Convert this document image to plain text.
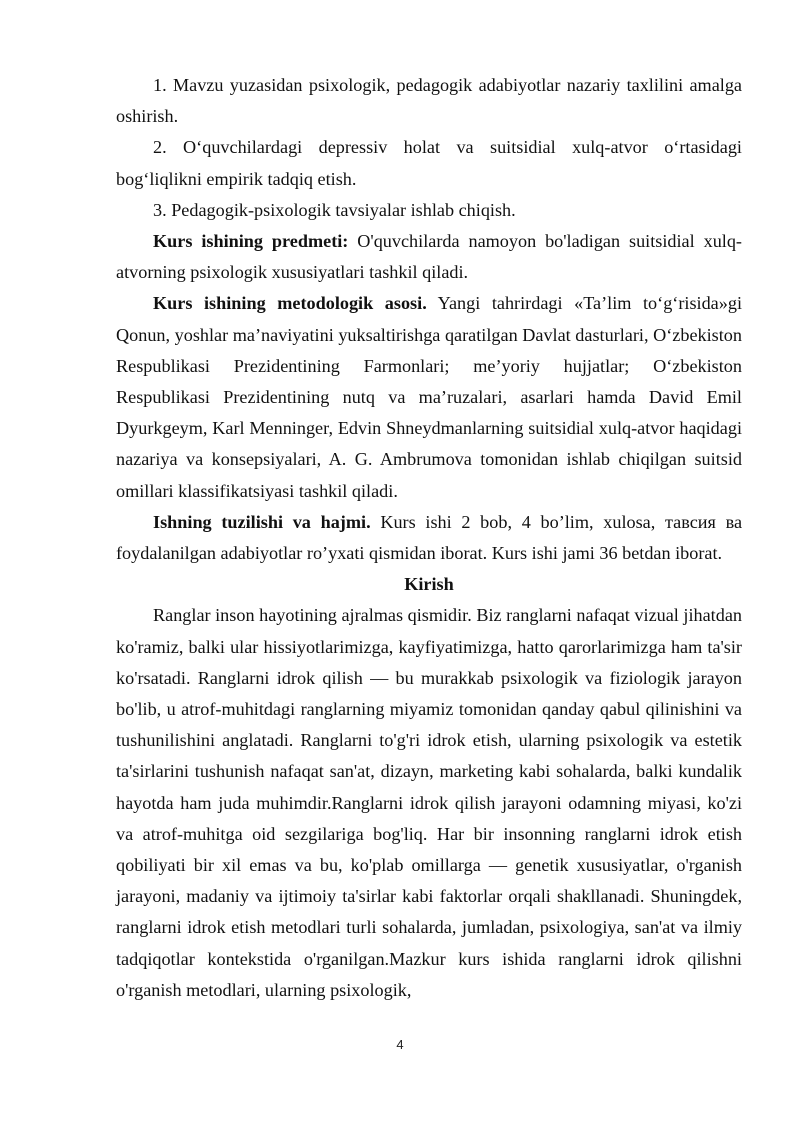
1. Mavzu yuzasidan psixologik, pedagogik adabiyotlar nazariy taxlilini amalga oshirish.

2. O‘quvchilardagi depressiv holat va suitsidial xulq-atvor o‘rtasidagi bog‘liqlikni empirik tadqiq etish.

3. Pedagogik-psixologik tavsiyalar ishlab chiqish.

Kurs ishining predmeti: O'quvchilarda namoyon bo'ladigan suitsidial xulq-atvorning psixologik xususiyatlari tashkil qiladi.

Kurs ishining metodologik asosi. Yangi tahrirdagi «Ta’lim to‘g‘risida»gi Qonun, yoshlar ma’naviyatini yuksaltirishga qaratilgan Davlat dasturlari, O‘zbekiston Respublikasi Prezidentining Farmonlari; me’yoriy hujjatlar; O‘zbekiston Respublikasi Prezidentining nutq va ma’ruzalari, asarlari hamda David Emil Dyurkgeym, Karl Menninger, Edvin Shneydmanlarning suitsidial xulq-atvor haqidagi nazariya va konsepsiyalari, A. G. Ambrumova tomonidan ishlab chiqilgan suitsid omillari klassifikatsiyasi tashkil qiladi.

Ishning tuzilishi va hajmi. Kurs ishi 2 bob, 4 bo’lim, xulosa, тавсия ва foydalanilgan adabiyotlar ro’yxati qismidan iborat. Kurs ishi jami 36 betdan iborat.

Kirish

Ranglar inson hayotining ajralmas qismidir. Biz ranglarni nafaqat vizual jihatdan ko'ramiz, balki ular hissiyotlarimizga, kayfiyatimizga, hatto qarorlarimizga ham ta'sir ko'rsatadi. Ranglarni idrok qilish — bu murakkab psixologik va fiziologik jarayon bo'lib, u atrof-muhitdagi ranglarning miyamiz tomonidan qanday qabul qilinishini va tushunilishini anglatadi. Ranglarni to'g'ri idrok etish, ularning psixologik va estetik ta'sirlarini tushunish nafaqat san'at, dizayn, marketing kabi sohalarda, balki kundalik hayotda ham juda muhimdir.Ranglarni idrok qilish jarayoni odamning miyasi, ko'zi va atrof-muhitga oid sezgilariga bog'liq. Har bir insonning ranglarni idrok etish qobiliyati bir xil emas va bu, ko'plab omillarga — genetik xususiyatlar, o'rganish jarayoni, madaniy va ijtimoiy ta'sirlar kabi faktorlar orqali shakllanadi. Shuningdek, ranglarni idrok etish metodlari turli sohalarda, jumladan, psixologiya, san'at va ilmiy tadqiqotlar kontekstida o'rganilgan.Mazkur kurs ishida ranglarni idrok qilishni o'rganish metodlari, ularning psixologik,

4
